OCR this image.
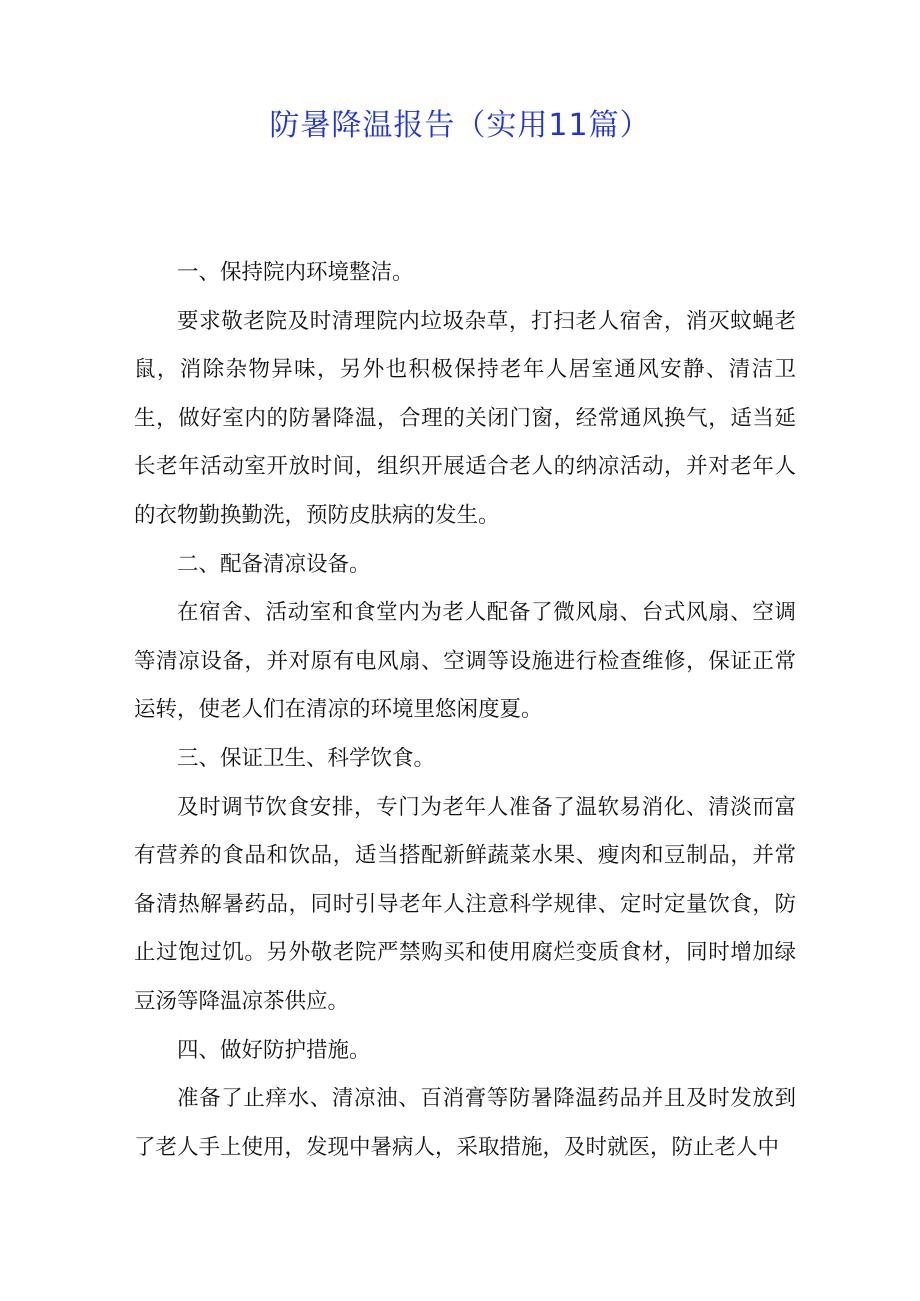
防暑降温报告（实用11篇）

一、保持院内环境整洁。

要求敬老院及时清理院内垃圾杂草，打扫老人宿舍，消灭蚊蝇老鼠，消除杂物异味，另外也积极保持老年人居室通风安静、清洁卫生，做好室内的防暑降温，合理的关闭门窗，经常通风换气，适当延长老年活动室开放时间，组织开展适合老人的纳凉活动，并对老年人的衣物勤换勤洗，预防皮肤病的发生。

二、配备清凉设备。

在宿舍、活动室和食堂内为老人配备了微风扇、台式风扇、空调等清凉设备，并对原有电风扇、空调等设施进行检查维修，保证正常运转，使老人们在清凉的环境里悠闲度夏。

三、保证卫生、科学饮食。

及时调节饮食安排，专门为老年人准备了温软易消化、清淡而富有营养的食品和饮品，适当搭配新鲜蔬菜水果、瘦肉和豆制品，并常备清热解暑药品，同时引导老年人注意科学规律、定时定量饮食，防止过饱过饥。另外敬老院严禁购买和使用腐烂变质食材，同时增加绿豆汤等降温凉茶供应。

四、做好防护措施。

准备了止痒水、清凉油、百消膏等防暑降温药品并且及时发放到了老人手上使用，发现中暑病人，采取措施，及时就医，防止老人中
